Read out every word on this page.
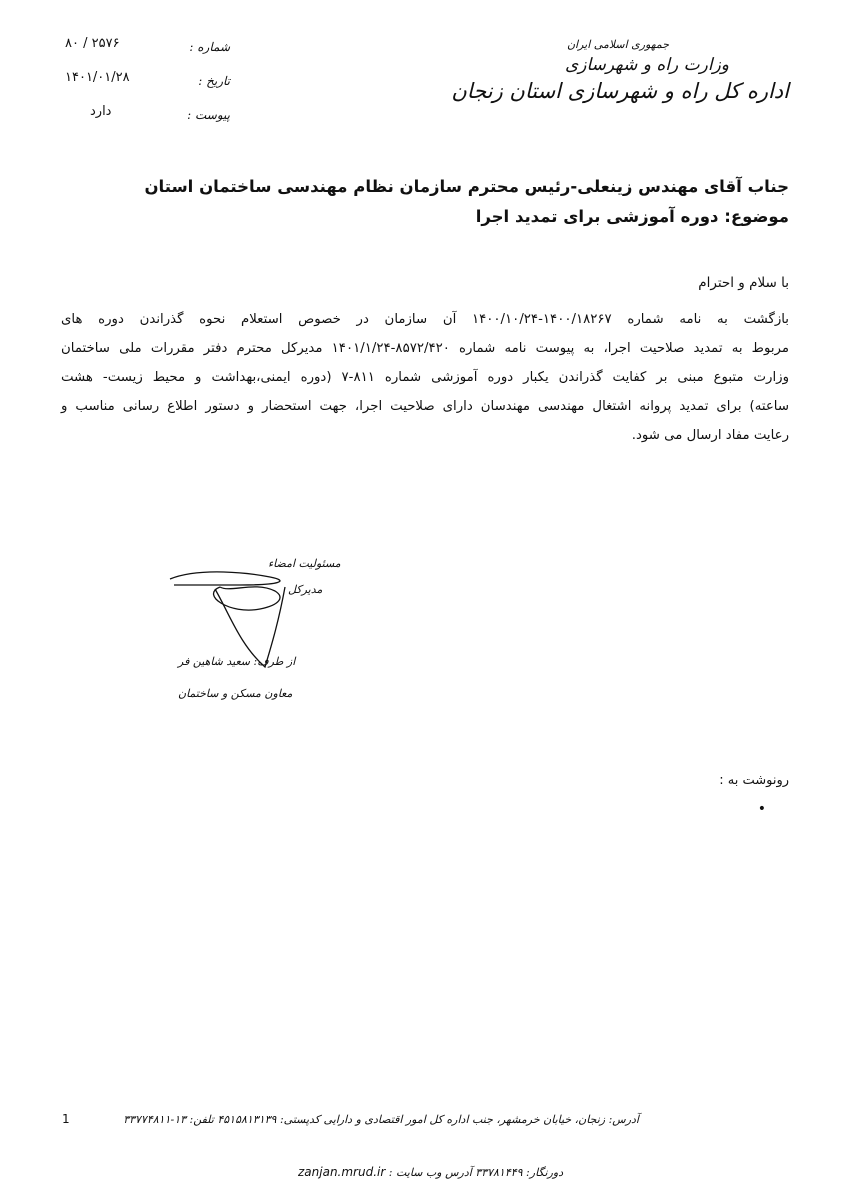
جمهوری اسلامی ایران
وزارت راه و شهرسازی
اداره کل راه و شهرسازی استان زنجان
شماره :
۲۵۷۶ / ۸۰
تاریخ :
۱۴۰۱/۰۱/۲۸
پیوست :
دارد
جناب آقای مهندس زینعلی-رئیس محترم سازمان نظام مهندسی ساختمان استان
موضوع: دوره آموزشی برای تمدید اجرا
با سلام و احترام
بازگشت به نامه شماره ۱۴۰۰/۱۸۲۶۷-۱۴۰۰/۱۰/۲۴ آن سازمان در خصوص استعلام نحوه گذراندن دوره های
مربوط به تمدید صلاحیت اجرا، به پیوست نامه شماره ۸۵۷۲/۴۲۰-۱۴۰۱/۱/۲۴ مدیرکل محترم دفتر مقررات ملی ساختمان
وزارت متبوع مبنی بر کفایت گذراندن یکبار دوره آموزشی شماره ۸۱۱-۷ (دوره ایمنی،بهداشت و محیط زیست- هشت
ساعته) برای تمدید پروانه اشتغال مهندسی مهندسان دارای صلاحیت اجرا، جهت استحضار و دستور اطلاع رسانی مناسب و
رعایت مفاد ارسال می شود.
مسئولیت امضاء
مدیرکل
از طرف: سعید شاهین فر
معاون مسکن و ساختمان
رونوشت به :
•
1	آدرس: زنجان، خیابان خرمشهر، جنب اداره کل امور اقتصادی و دارایی کدپستی: ۴۵۱۵۸۱۳۱۳۹ تلفن: ۱۳-۳۳۷۷۴۸۱۱
دورنگار: ۳۳۷۸۱۴۴۹ آدرس وب سایت : zanjan.mrud.ir
